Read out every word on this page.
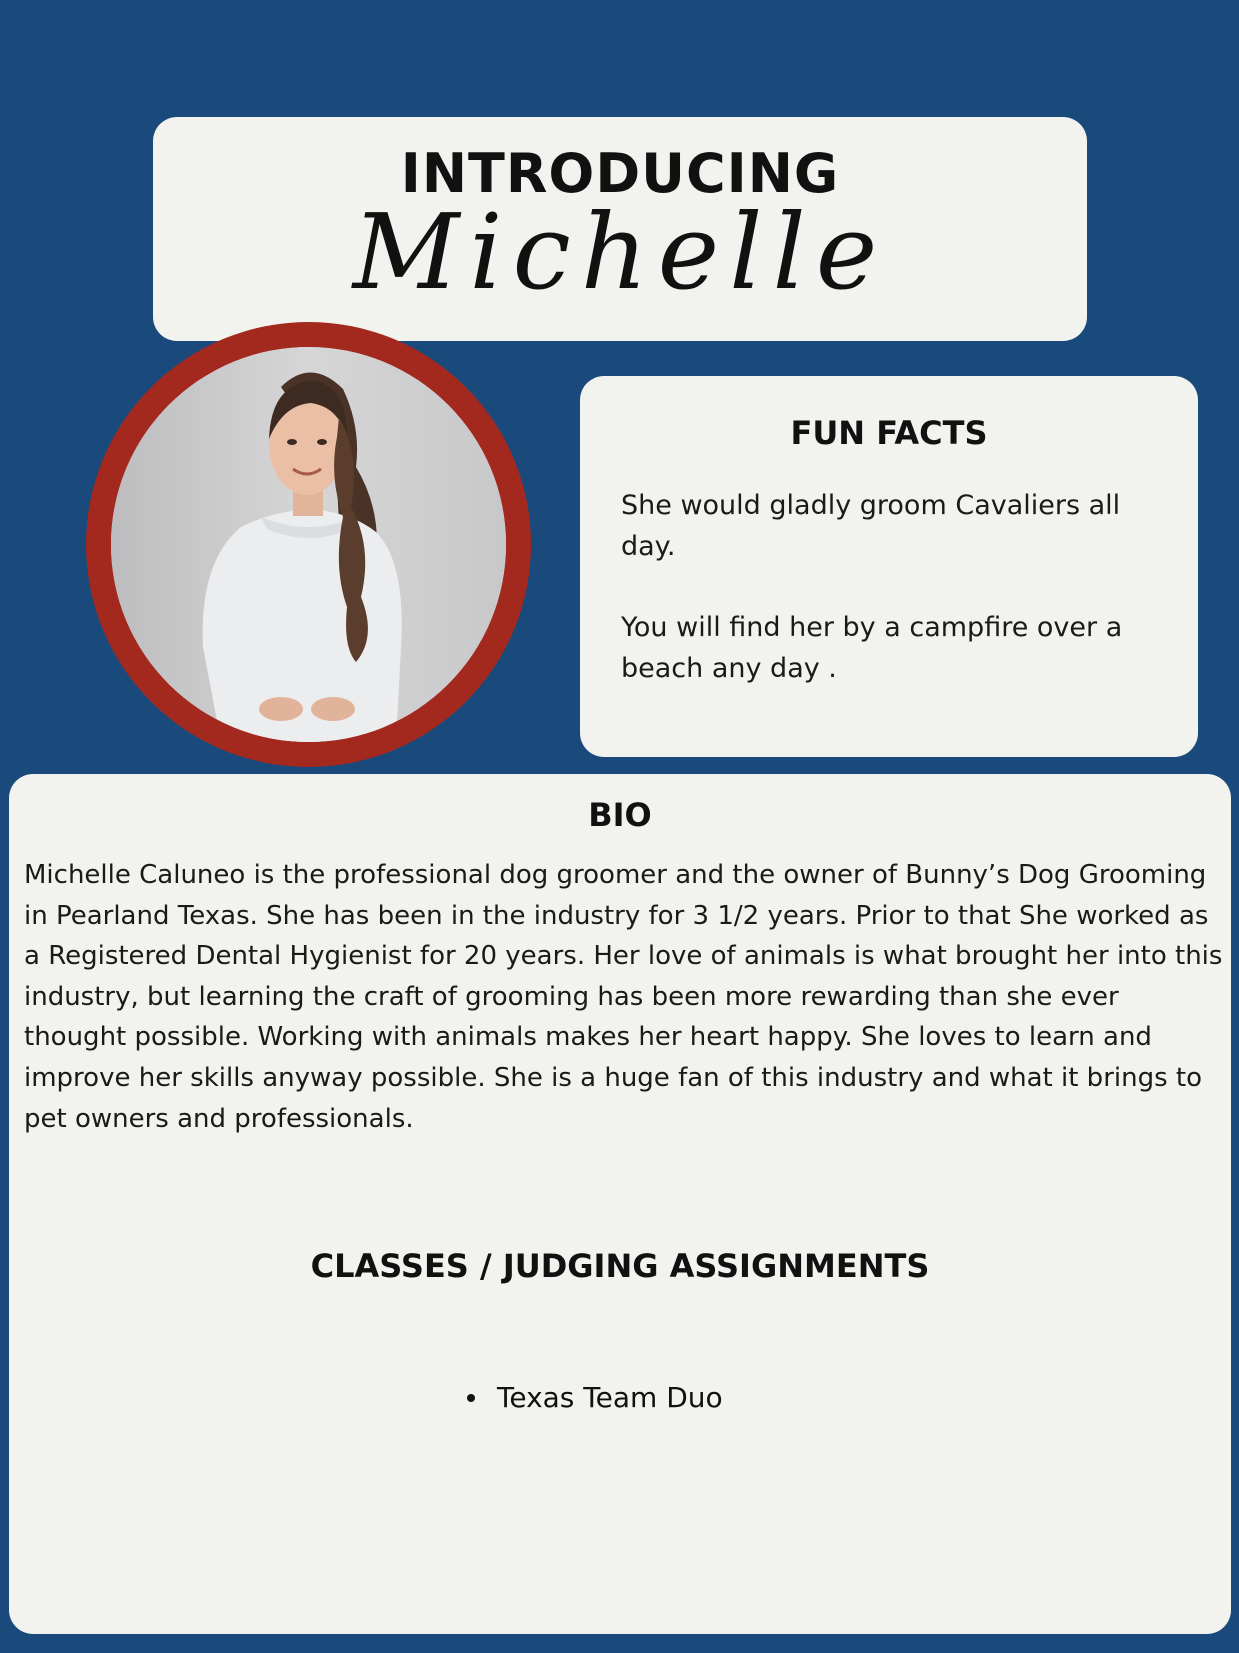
INTRODUCING
Michelle
FUN FACTS
She would gladly groom Cavaliers all day.
You will find her by a campfire over a beach any day .
BIO
Michelle Caluneo is the professional dog groomer and the owner of Bunny’s Dog Grooming in Pearland Texas. She has been in the industry for 3 1/2 years. Prior to that She worked as a Registered Dental Hygienist for 20 years. Her love of animals is what brought her into this industry, but learning the craft of grooming has been more rewarding than she ever thought possible. Working with animals makes her heart happy. She loves to learn and improve her skills anyway possible. She is a huge fan of this industry and what it brings to pet owners and professionals.
CLASSES / JUDGING ASSIGNMENTS
Texas Team Duo
